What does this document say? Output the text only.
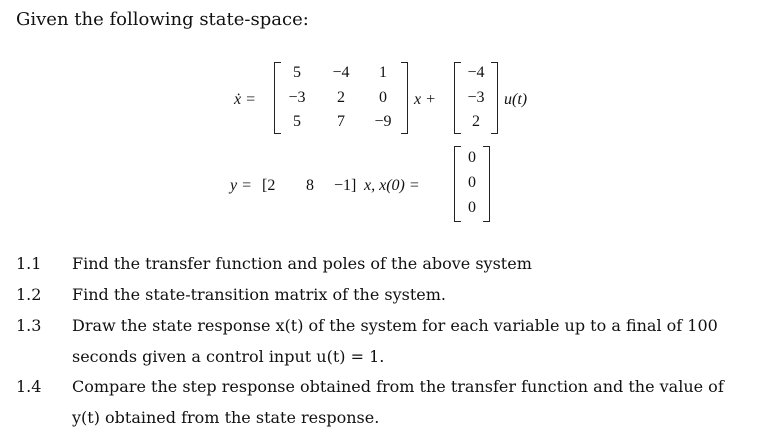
Given the following state-space:
ẋ =
5 −4 1
−3 2 0
5 7 −9
x +
−4
−3
2
u(t)
y = [2 8 −1] x, x(0) =
0
0
0
1.1 Find the transfer function and poles of the above system
1.2 Find the state-transition matrix of the system.
1.3 Draw the state response x(t) of the system for each variable up to a final of 100
seconds given a control input u(t) = 1.
1.4 Compare the step response obtained from the transfer function and the value of
y(t) obtained from the state response.
